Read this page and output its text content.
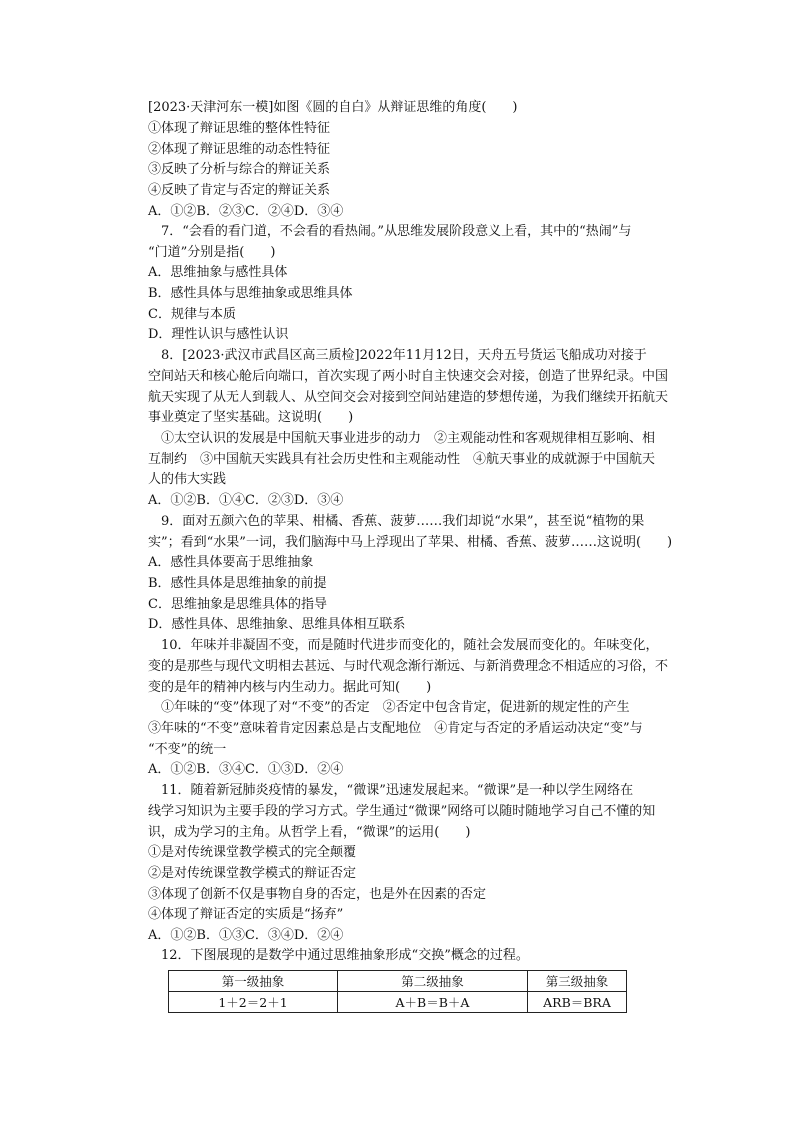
[2023·天津河东一模]如图《圆的自白》从辩证思维的角度(　　)
①体现了辩证思维的整体性特征
②体现了辩证思维的动态性特征
③反映了分析与综合的辩证关系
④反映了肯定与否定的辩证关系
A．①②B．②③C．②④D．③④
　7．“会看的看门道，不会看的看热闹。”从思维发展阶段意义上看，其中的“热闹”与
“门道”分别是指(　　)
A．思维抽象与感性具体
B．感性具体与思维抽象或思维具体
C．规律与本质
D．理性认识与感性认识
　8．[2023·武汉市武昌区高三质检]2022年11月12日，天舟五号货运飞船成功对接于
空间站天和核心舱后向端口，首次实现了两小时自主快速交会对接，创造了世界纪录。中国
航天实现了从无人到载人、从空间交会对接到空间站建造的梦想传递，为我们继续开拓航天
事业奠定了坚实基础。这说明(　　)
　①太空认识的发展是中国航天事业进步的动力　②主观能动性和客观规律相互影响、相
互制约　③中国航天实践具有社会历史性和主观能动性　④航天事业的成就源于中国航天
人的伟大实践
A．①②B．①④C．②③D．③④
　9．面对五颜六色的苹果、柑橘、香蕉、菠萝……我们却说“水果”，甚至说“植物的果
实”；看到“水果”一词，我们脑海中马上浮现出了苹果、柑橘、香蕉、菠萝……这说明(　　)
A．感性具体要高于思维抽象
B．感性具体是思维抽象的前提
C．思维抽象是思维具体的指导
D．感性具体、思维抽象、思维具体相互联系
　10．年味并非凝固不变，而是随时代进步而变化的，随社会发展而变化的。年味变化，
变的是那些与现代文明相去甚远、与时代观念渐行渐远、与新消费理念不相适应的习俗，不
变的是年的精神内核与内生动力。据此可知(　　)
　①年味的“变”体现了对“不变”的否定　②否定中包含肯定，促进新的规定性的产生
③年味的“不变”意味着肯定因素总是占支配地位　④肯定与否定的矛盾运动决定“变”与
“不变”的统一
A．①②B．③④C．①③D．②④
　11．随着新冠肺炎疫情的暴发，“微课”迅速发展起来。“微课”是一种以学生网络在
线学习知识为主要手段的学习方式。学生通过“微课”网络可以随时随地学习自己不懂的知
识，成为学习的主角。从哲学上看，“微课”的运用(　　)
①是对传统课堂教学模式的完全颠覆
②是对传统课堂教学模式的辩证否定
③体现了创新不仅是事物自身的否定，也是外在因素的否定
④体现了辩证否定的实质是“扬弃”
A．①②B．①③C．③④D．②④
　12．下图展现的是数学中通过思维抽象形成“交换”概念的过程。
第一级抽象	第二级抽象	第三级抽象
1＋2＝2＋1	A＋B＝B＋A	ARB＝BRA
